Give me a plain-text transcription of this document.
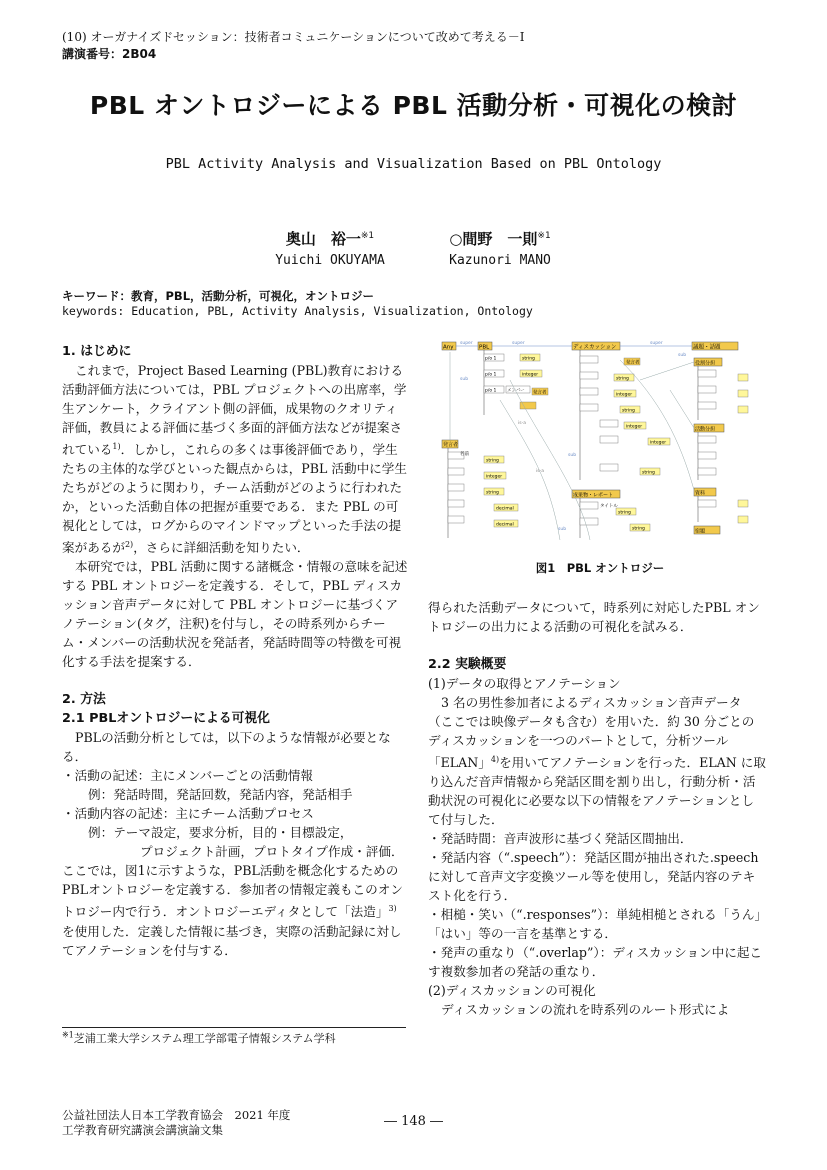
(10) オーガナイズドセッション：技術者コミュニケーションについて改めて考える－I
講演番号：2B04
PBL オントロジーによる PBL 活動分析・可視化の検討
PBL Activity Analysis and Visualization Based on PBL Ontology
奥山　裕一$^{※1}$
Yuichi OKUYAMA
○間野　一則$^{※1}$
Kazunori MANO
キーワード：教育，PBL，活動分析，可視化，オントロジー
keywords: Education, PBL, Activity Analysis, Visualization, Ontology

1. はじめに

これまで，Project Based Learning (PBL)教育における活動評価方法については，PBL プロジェクトへの出席率，学生アンケート，クライアント側の評価，成果物のクオリティ評価，教員による評価に基づく多面的評価方法などが提案されている$^{1)}$．しかし，これらの多くは事後評価であり，学生たちの主体的な学びといった観点からは，PBL 活動中に学生たちがどのように関わり，チーム活動がどのように行われたか，といった活動自体の把握が重要である．また PBL の可視化としては，ログからのマインドマップといった手法の提案があるが$^{2)}$，さらに詳細活動を知りたい．

本研究では，PBL 活動に関する諸概念・情報の意味を記述する PBL オントロジーを定義する．そして，PBL ディスカッション音声データに対して PBL オントロジーに基づくアノテーション(タグ，注釈)を付与し，その時系列からチーム・メンバーの活動状況を発話者，発話時間等の特徴を可視化する手法を提案する．

2. 方法

2.1 PBLオントロジーによる可視化

PBLの活動分析としては，以下のような情報が必要となる．

・活動の記述：主にメンバーごとの活動情報

例：発話時間，発話回数，発話内容，発話相手

・活動内容の記述：主にチーム活動プロセス

例：テーマ設定，要求分析，目的・目標設定，

プロジェクト計画，プロトタイプ作成・評価．

ここでは，図1に示すような，PBL活動を概念化するためのPBLオントロジーを定義する．参加者の情報定義もこのオントロジー内で行う．オントロジーエディタとして「法造」$^{3)}$を使用した．定義した情報に基づき，実際の活動記録に対してアノテーションを付与する．

$^{※1}$芝浦工業大学システム理工学部電子情報システム学科
Any	PBL	ディスカッション	議題・話題
super	super	super
p/o 1	string
p/o 1	integer
p/o 1 メンバー 発言者
発言者
string
integer
string
decimal
decimal
名前
発言者
string
integer
string
integer
integer
string
成果物・レポート
タイトル
string
string
役割分担
活動分担
資料
宿題
sub
sub
sub
sub
is-a
is-a
図1　PBL オントロジー

得られた活動データについて，時系列に対応したPBL オントロジーの出力による活動の可視化を試みる．

2.2 実験概要

(1)データの取得とアノテーション

3 名の男性参加者によるディスカッション音声データ（ここでは映像データも含む）を用いた．約 30 分ごとのディスカッションを一つのパートとして，分析ツール「ELAN」$^{4)}$を用いてアノテーションを行った．ELAN に取り込んだ音声情報から発話区間を割り出し，行動分析・活動状況の可視化に必要な以下の情報をアノテーションとして付与した．

・発話時間：音声波形に基づく発話区間抽出．

・発話内容（“.speech”）：発話区間が抽出された.speech に対して音声文字変換ツール等を使用し，発話内容のテキスト化を行う．

・相槌・笑い（“.responses”）：単純相槌とされる「うん」「はい」等の一言を基準とする．

・発声の重なり（“.overlap”）：ディスカッション中に起こす複数参加者の発話の重なり．

(2)ディスカッションの可視化

ディスカッションの流れを時系列のルート形式によ

公益社団法人日本工学教育協会　2021 年度
工学教育研究講演会講演論文集
― 148 ―
